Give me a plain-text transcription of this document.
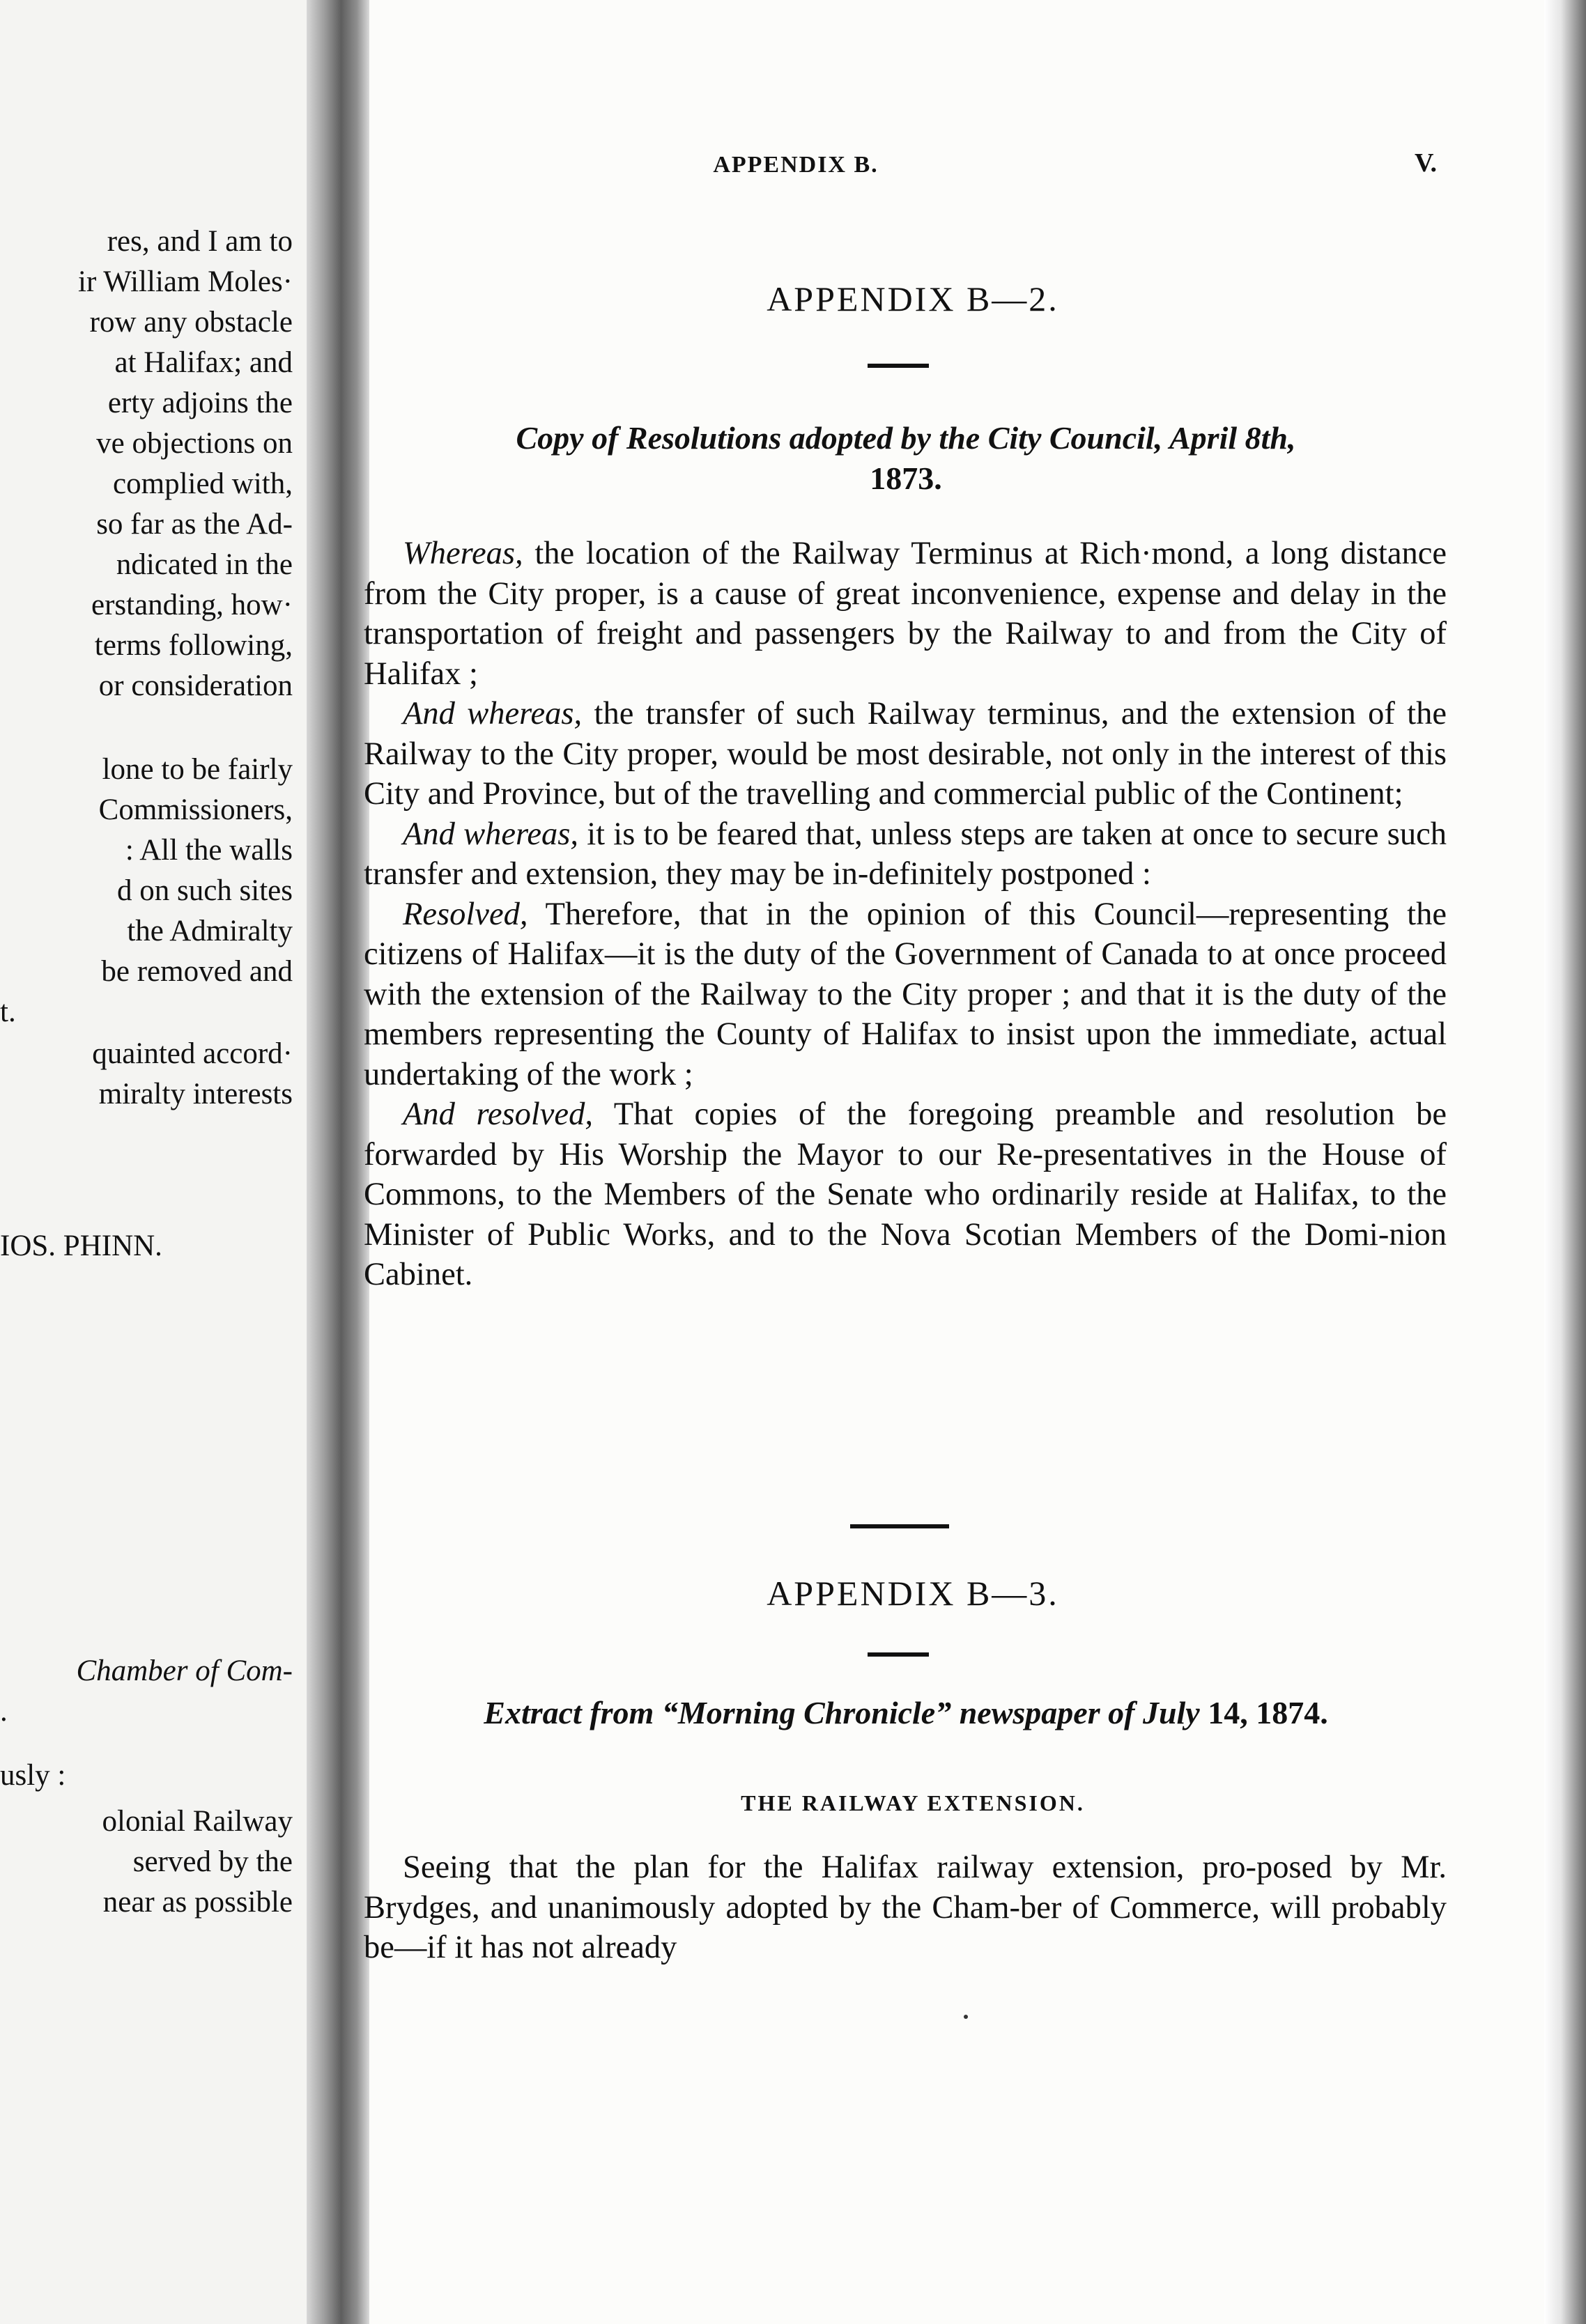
res, and I am to
ir William Moles·
row any obstacle
at Halifax; and
erty adjoins the
ve objections on
complied with,
so far as the Ad-
ndicated in the
erstanding, how·
terms following,
or consideration
lone to be fairly
Commissioners,
: All the walls
d on such sites
the Admiralty
be removed and
t.
quainted accord·
miralty interests
IOS. PHINN.
Chamber of Com-
.
usly :
olonial Railway
served by the
near as possible
APPENDIX B.	V.
APPENDIX B—2.
Copy of Resolutions adopted by the City Council, April 8th,
1873.

Whereas, the location of the Railway Terminus at Rich·mond, a long distance from the City proper, is a cause of great inconvenience, expense and delay in the transportation of freight and passengers by the Railway to and from the City of Halifax ;

And whereas, the transfer of such Railway terminus, and the extension of the Railway to the City proper, would be most desirable, not only in the interest of this City and Province, but of the travelling and commercial public of the Continent;

And whereas, it is to be feared that, unless steps are taken at once to secure such transfer and extension, they may be in-definitely postponed :

Resolved, Therefore, that in the opinion of this Council—representing the citizens of Halifax—it is the duty of the Government of Canada to at once proceed with the extension of the Railway to the City proper ; and that it is the duty of the members representing the County of Halifax to insist upon the immediate, actual undertaking of the work ;

And resolved, That copies of the foregoing preamble and resolution be forwarded by His Worship the Mayor to our Re-presentatives in the House of Commons, to the Members of the Senate who ordinarily reside at Halifax, to the Minister of Public Works, and to the Nova Scotian Members of the Domi-nion Cabinet.

APPENDIX B—3.
Extract from “Morning Chronicle” newspaper of July 14, 1874.
THE RAILWAY EXTENSION.

Seeing that the plan for the Halifax railway extension, pro-posed by Mr. Brydges, and unanimously adopted by the Cham-ber of Commerce, will probably be—if it has not already
